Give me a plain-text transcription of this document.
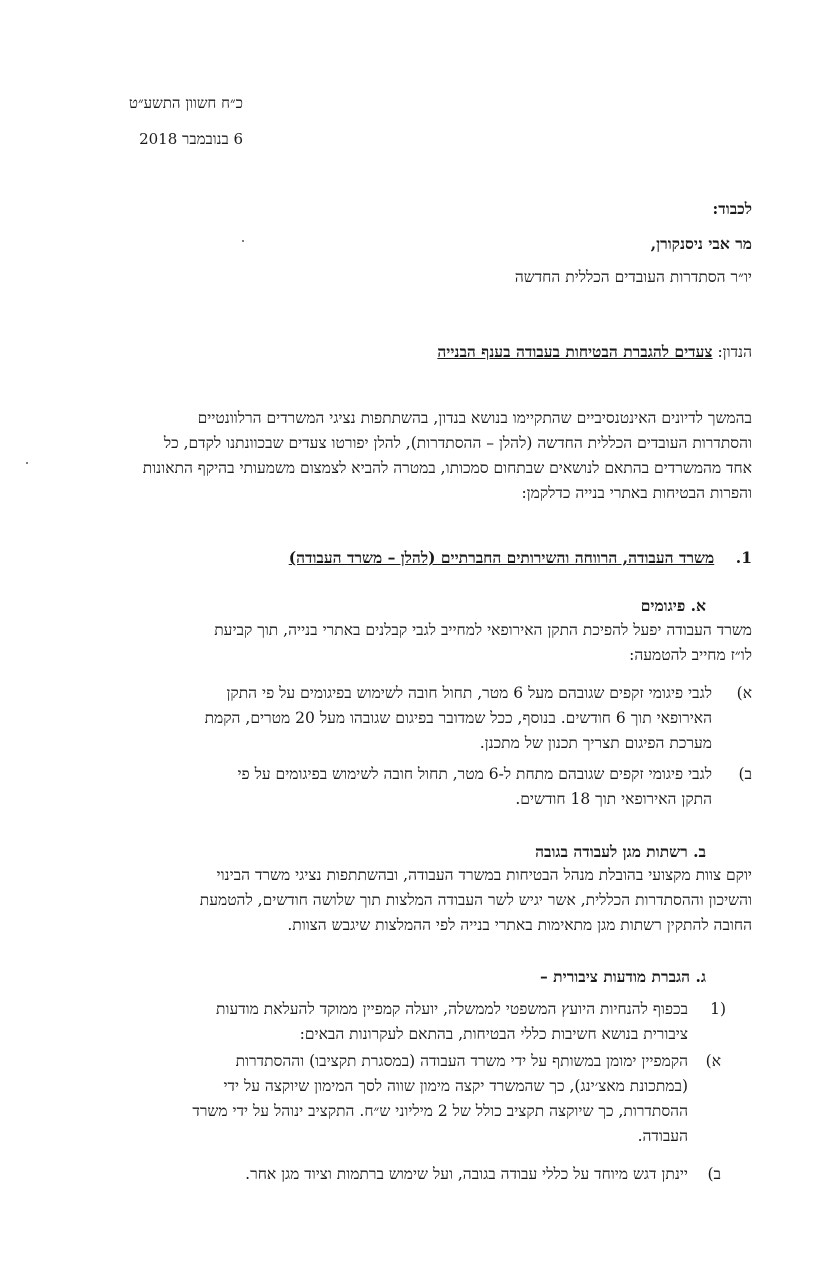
כ״ח חשוון התשע״ט
6 בנובמבר 2018
לכבוד:
מר אבי ניסנקורן,
יו״ר הסתדרות העובדים הכללית החדשה
הנדון: צעדים להגברת הבטיחות בעבודה בענף הבנייה
בהמשך לדיונים האינטנסיביים שהתקיימו בנושא בנדון, בהשתתפות נציגי המשרדים הרלוונטיים
והסתדרות העובדים הכללית החדשה (להלן – ההסתדרות), להלן יפורטו צעדים שבכוונתנו לקדם, כל
אחד מהמשרדים בהתאם לנושאים שבתחום סמכותו, במטרה להביא לצמצום משמעותי בהיקף התאונות
והפרות הבטיחות באתרי בנייה כדלקמן:
1.    משרד העבודה, הרווחה והשירותים החברתיים (להלן – משרד העבודה)
א. פיגומים
משרד העבודה יפעל להפיכת התקן האירופאי למחייב לגבי קבלנים באתרי בנייה, תוך קביעת
לו״ז מחייב להטמעה:
א)
לגבי פיגומי זקפים שגובהם מעל 6 מטר, תחול חובה לשימוש בפיגומים על פי התקן
האירופאי תוך 6 חודשים. בנוסף, ככל שמדובר בפיגום שגובהו מעל 20 מטרים, הקמת
מערכת הפיגום תצריך תכנון של מתכנן.
ב)
לגבי פיגומי זקפים שגובהם מתחת ל-6 מטר, תחול חובה לשימוש בפיגומים על פי
התקן האירופאי תוך 18 חודשים.
ב. רשתות מגן לעבודה בגובה
יוקם צוות מקצועי בהובלת מנהל הבטיחות במשרד העבודה, ובהשתתפות נציגי משרד הבינוי
והשיכון וההסתדרות הכללית, אשר יגיש לשר העבודה המלצות תוך שלושה חודשים, להטמעת
החובה להתקין רשתות מגן מתאימות באתרי בנייה לפי ההמלצות שיגבש הצוות.
ג. הגברת מודעות ציבורית –
(1
בכפוף להנחיות היועץ המשפטי לממשלה, יועלה קמפיין ממוקד להעלאת מודעות
ציבורית בנושא חשיבות כללי הבטיחות, בהתאם לעקרונות הבאים:
א)
הקמפיין ימומן במשותף על ידי משרד העבודה (במסגרת תקציבו) וההסתדרות
(במתכונת מאצ׳ינג), כך שהמשרד יקצה מימון שווה לסך המימון שיוקצה על ידי
ההסתדרות, כך שיוקצה תקציב כולל של 2 מיליוני ש״ח. התקציב ינוהל על ידי משרד
העבודה.
ב)
יינתן דגש מיוחד על כללי עבודה בגובה, ועל שימוש ברתמות וציוד מגן אחר.
